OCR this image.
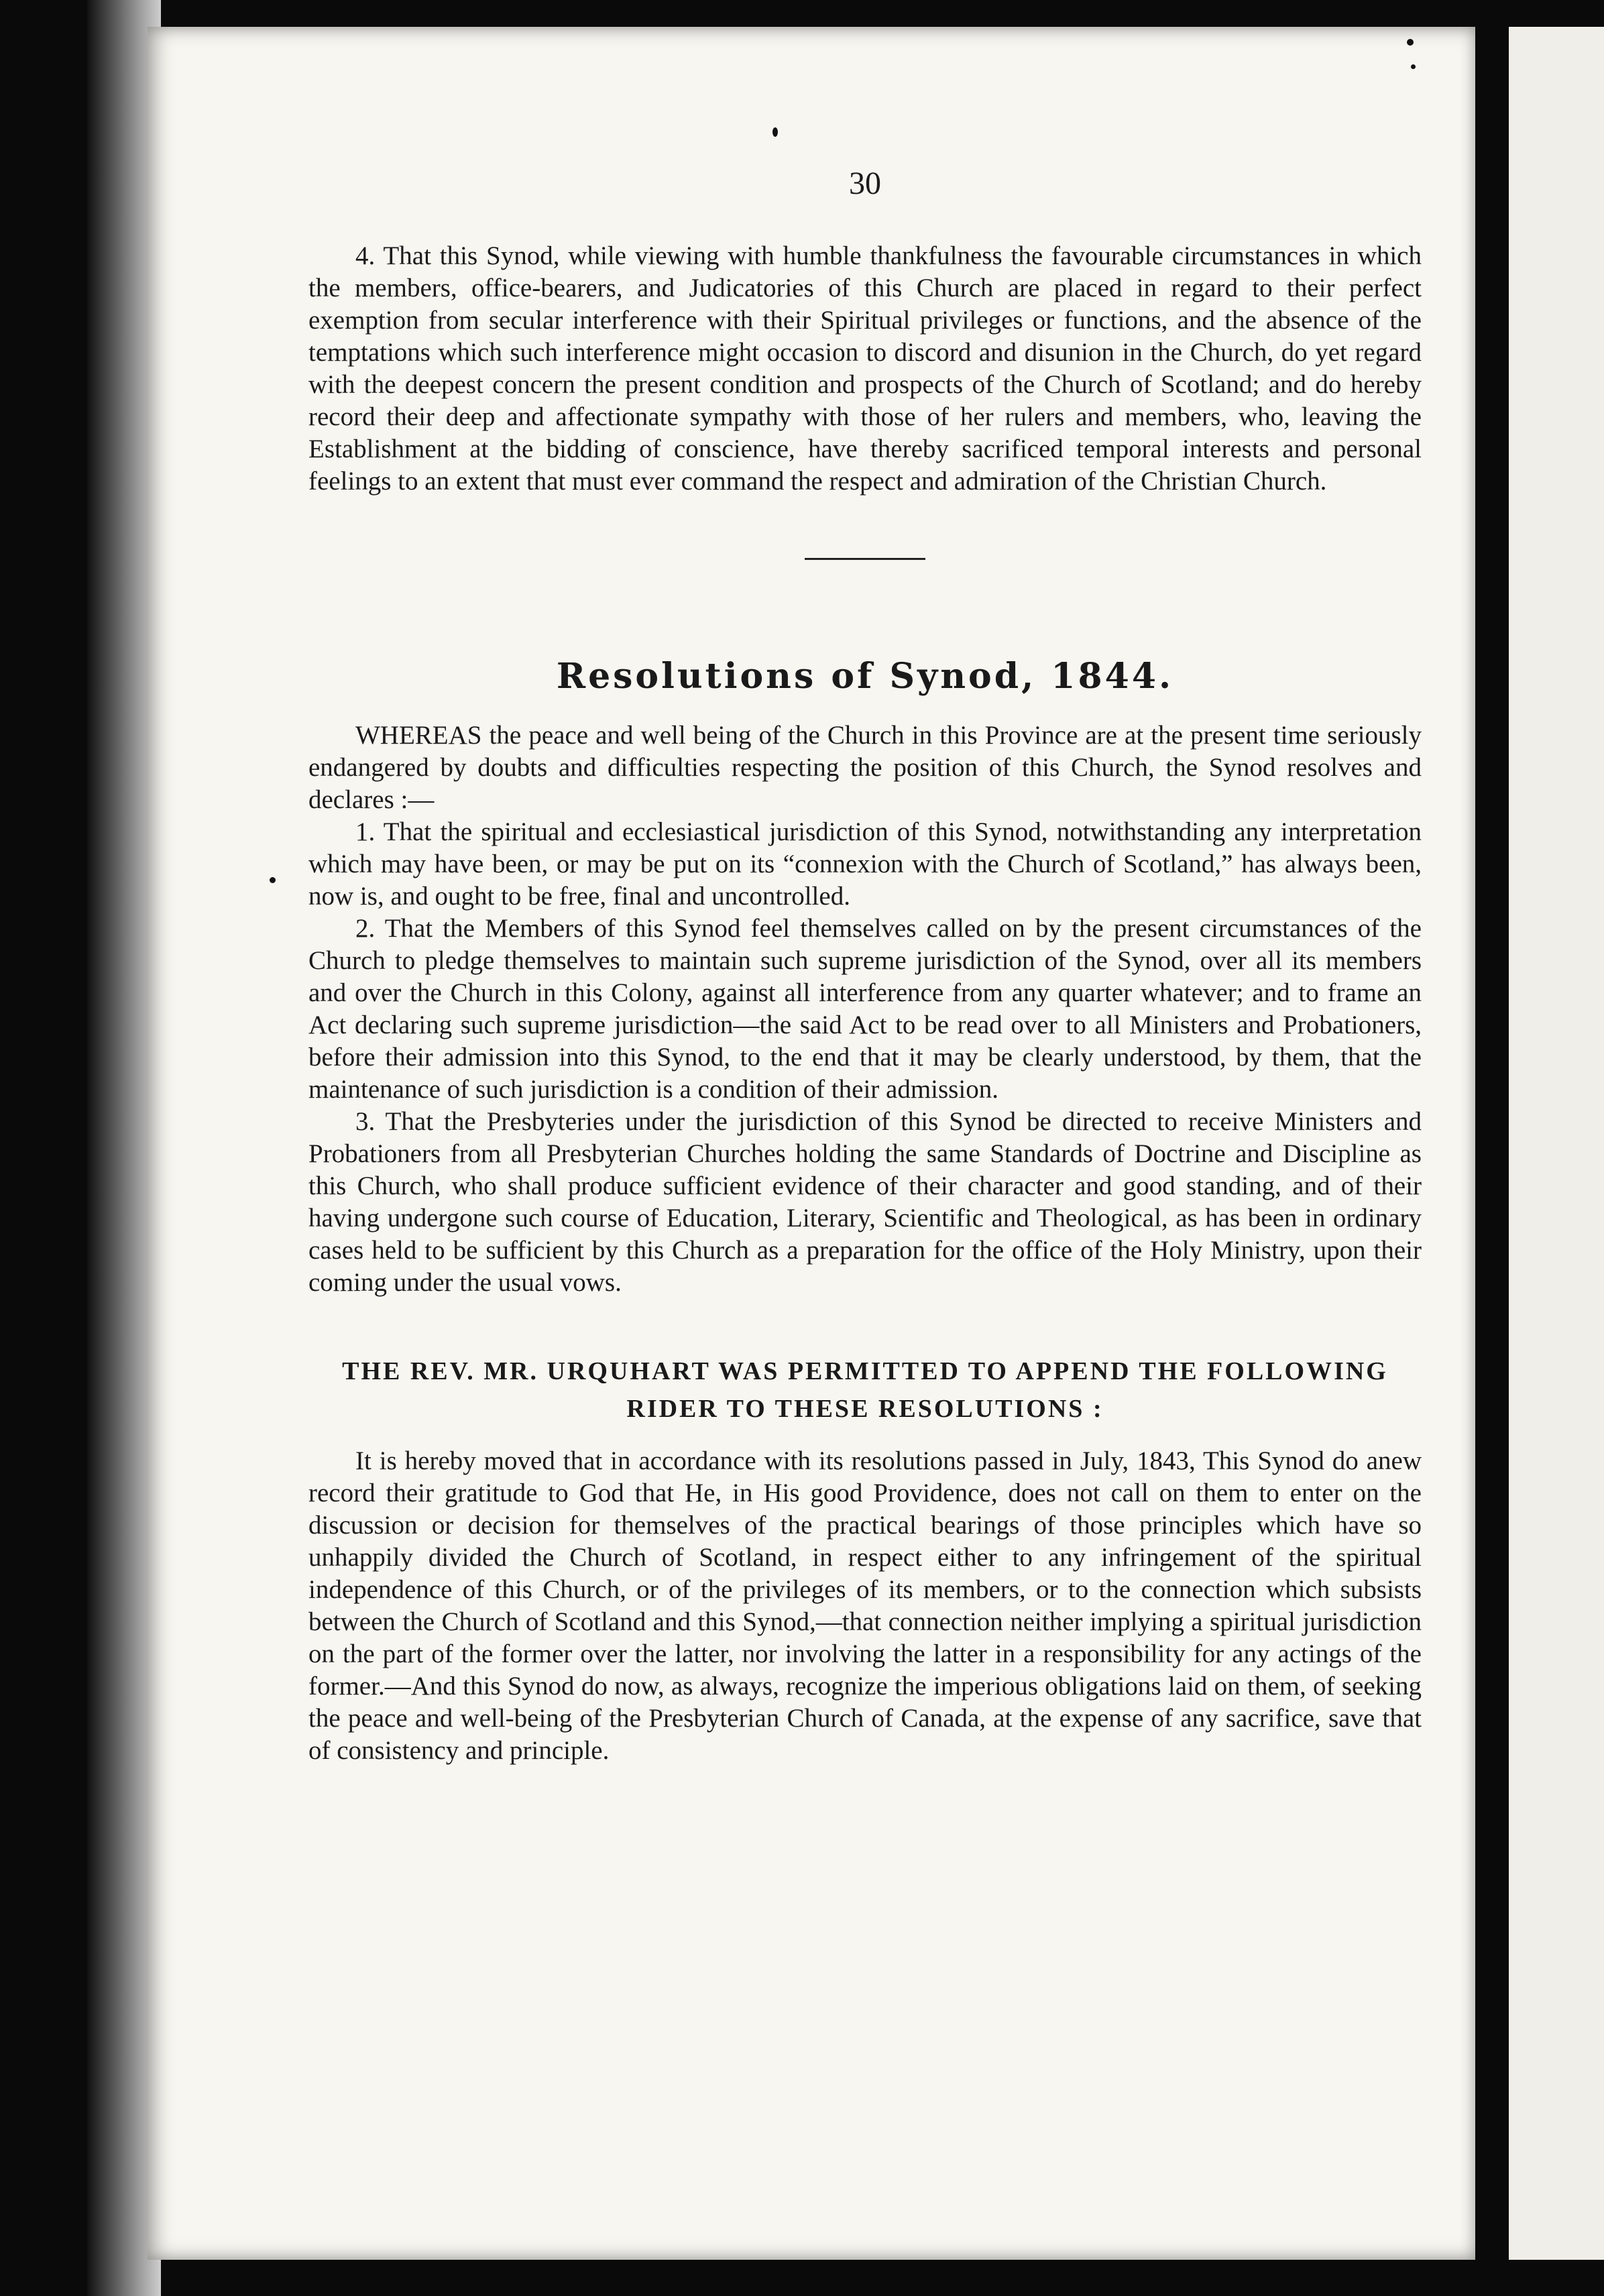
30

4. That this Synod, while viewing with humble thankfulness the favourable circumstances in which the members, office-bearers, and Judicatories of this Church are placed in regard to their perfect exemption from secular interference with their Spiritual privileges or functions, and the absence of the temptations which such interference might occasion to discord and disunion in the Church, do yet regard with the deepest concern the present condition and prospects of the Church of Scotland; and do hereby record their deep and affectionate sympathy with those of her rulers and members, who, leaving the Establishment at the bidding of conscience, have thereby sacrificed temporal interests and personal feelings to an extent that must ever command the respect and admiration of the Christian Church.

Resolutions of Synod, 1844.

WHEREAS the peace and well being of the Church in this Province are at the present time seriously endangered by doubts and difficulties respecting the position of this Church, the Synod resolves and declares :—

1. That the spiritual and ecclesiastical jurisdiction of this Synod, notwithstanding any interpretation which may have been, or may be put on its “connexion with the Church of Scotland,” has always been, now is, and ought to be free, final and uncontrolled.

2. That the Members of this Synod feel themselves called on by the present circumstances of the Church to pledge themselves to maintain such supreme jurisdiction of the Synod, over all its members and over the Church in this Colony, against all interference from any quarter whatever; and to frame an Act declaring such supreme jurisdiction—the said Act to be read over to all Ministers and Probationers, before their admission into this Synod, to the end that it may be clearly understood, by them, that the maintenance of such jurisdiction is a condition of their admission.

3. That the Presbyteries under the jurisdiction of this Synod be directed to receive Ministers and Probationers from all Presbyterian Churches holding the same Standards of Doctrine and Discipline as this Church, who shall produce sufficient evidence of their character and good standing, and of their having undergone such course of Education, Literary, Scientific and Theological, as has been in ordinary cases held to be sufficient by this Church as a preparation for the office of the Holy Ministry, upon their coming under the usual vows.

THE REV. MR. URQUHART WAS PERMITTED TO APPEND THE FOLLOWING RIDER TO THESE RESOLUTIONS :

It is hereby moved that in accordance with its resolutions passed in July, 1843, This Synod do anew record their gratitude to God that He, in His good Providence, does not call on them to enter on the discussion or decision for themselves of the practical bearings of those principles which have so unhappily divided the Church of Scotland, in respect either to any infringement of the spiritual independence of this Church, or of the privileges of its members, or to the connection which subsists between the Church of Scotland and this Synod,—that connection neither implying a spiritual jurisdiction on the part of the former over the latter, nor involving the latter in a responsibility for any actings of the former.—And this Synod do now, as always, recognize the imperious obligations laid on them, of seeking the peace and well-being of the Presbyterian Church of Canada, at the expense of any sacrifice, save that of consistency and principle.
